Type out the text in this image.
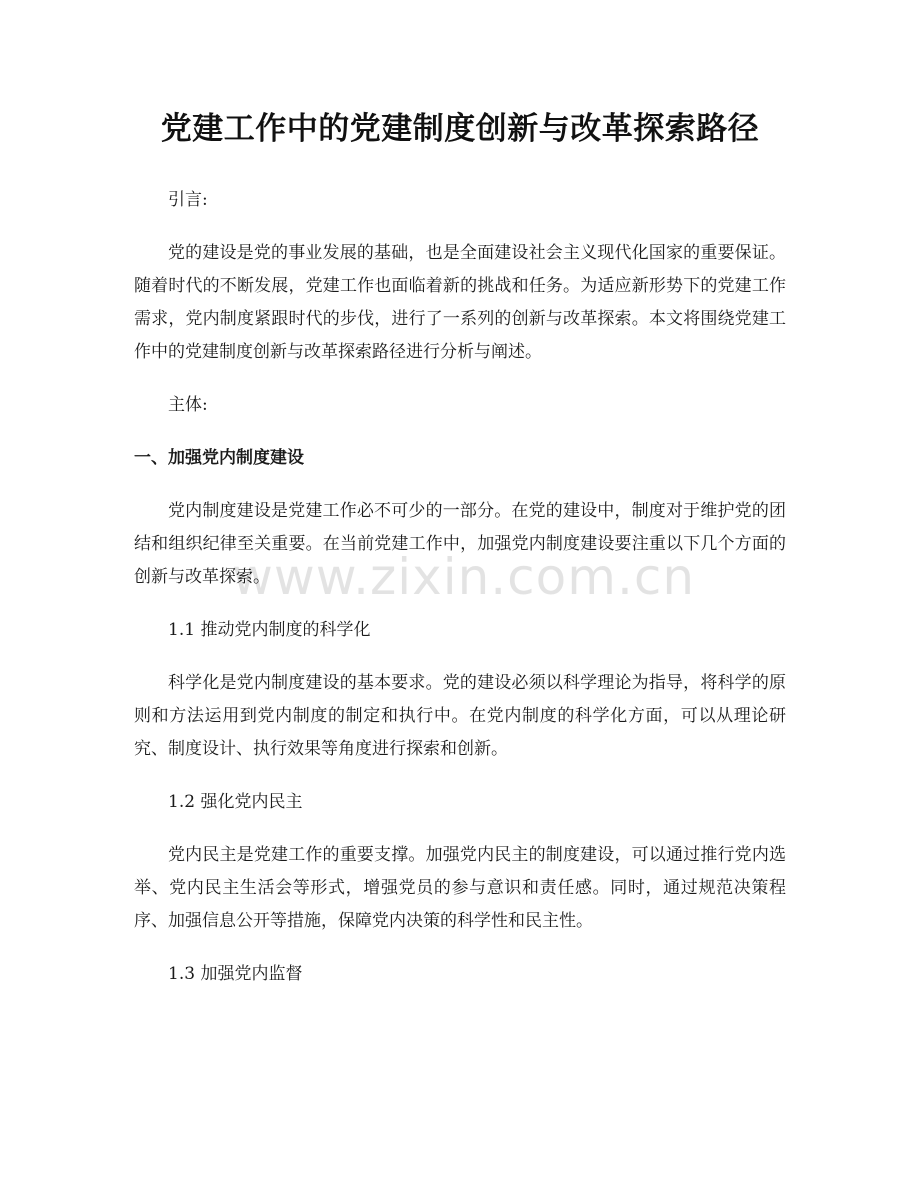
党建工作中的党建制度创新与改革探索路径

引言:

党的建设是党的事业发展的基础，也是全面建设社会主义现代化国家的重要保证。随着时代的不断发展，党建工作也面临着新的挑战和任务。为适应新形势下的党建工作需求，党内制度紧跟时代的步伐，进行了一系列的创新与改革探索。本文将围绕党建工作中的党建制度创新与改革探索路径进行分析与阐述。

主体:

一、加强党内制度建设

党内制度建设是党建工作必不可少的一部分。在党的建设中，制度对于维护党的团结和组织纪律至关重要。在当前党建工作中，加强党内制度建设要注重以下几个方面的创新与改革探索。

1.1 推动党内制度的科学化

科学化是党内制度建设的基本要求。党的建设必须以科学理论为指导，将科学的原则和方法运用到党内制度的制定和执行中。在党内制度的科学化方面，可以从理论研究、制度设计、执行效果等角度进行探索和创新。

1.2 强化党内民主

党内民主是党建工作的重要支撑。加强党内民主的制度建设，可以通过推行党内选举、党内民主生活会等形式，增强党员的参与意识和责任感。同时，通过规范决策程序、加强信息公开等措施，保障党内决策的科学性和民主性。

1.3 加强党内监督

www.zixin.com.cn
